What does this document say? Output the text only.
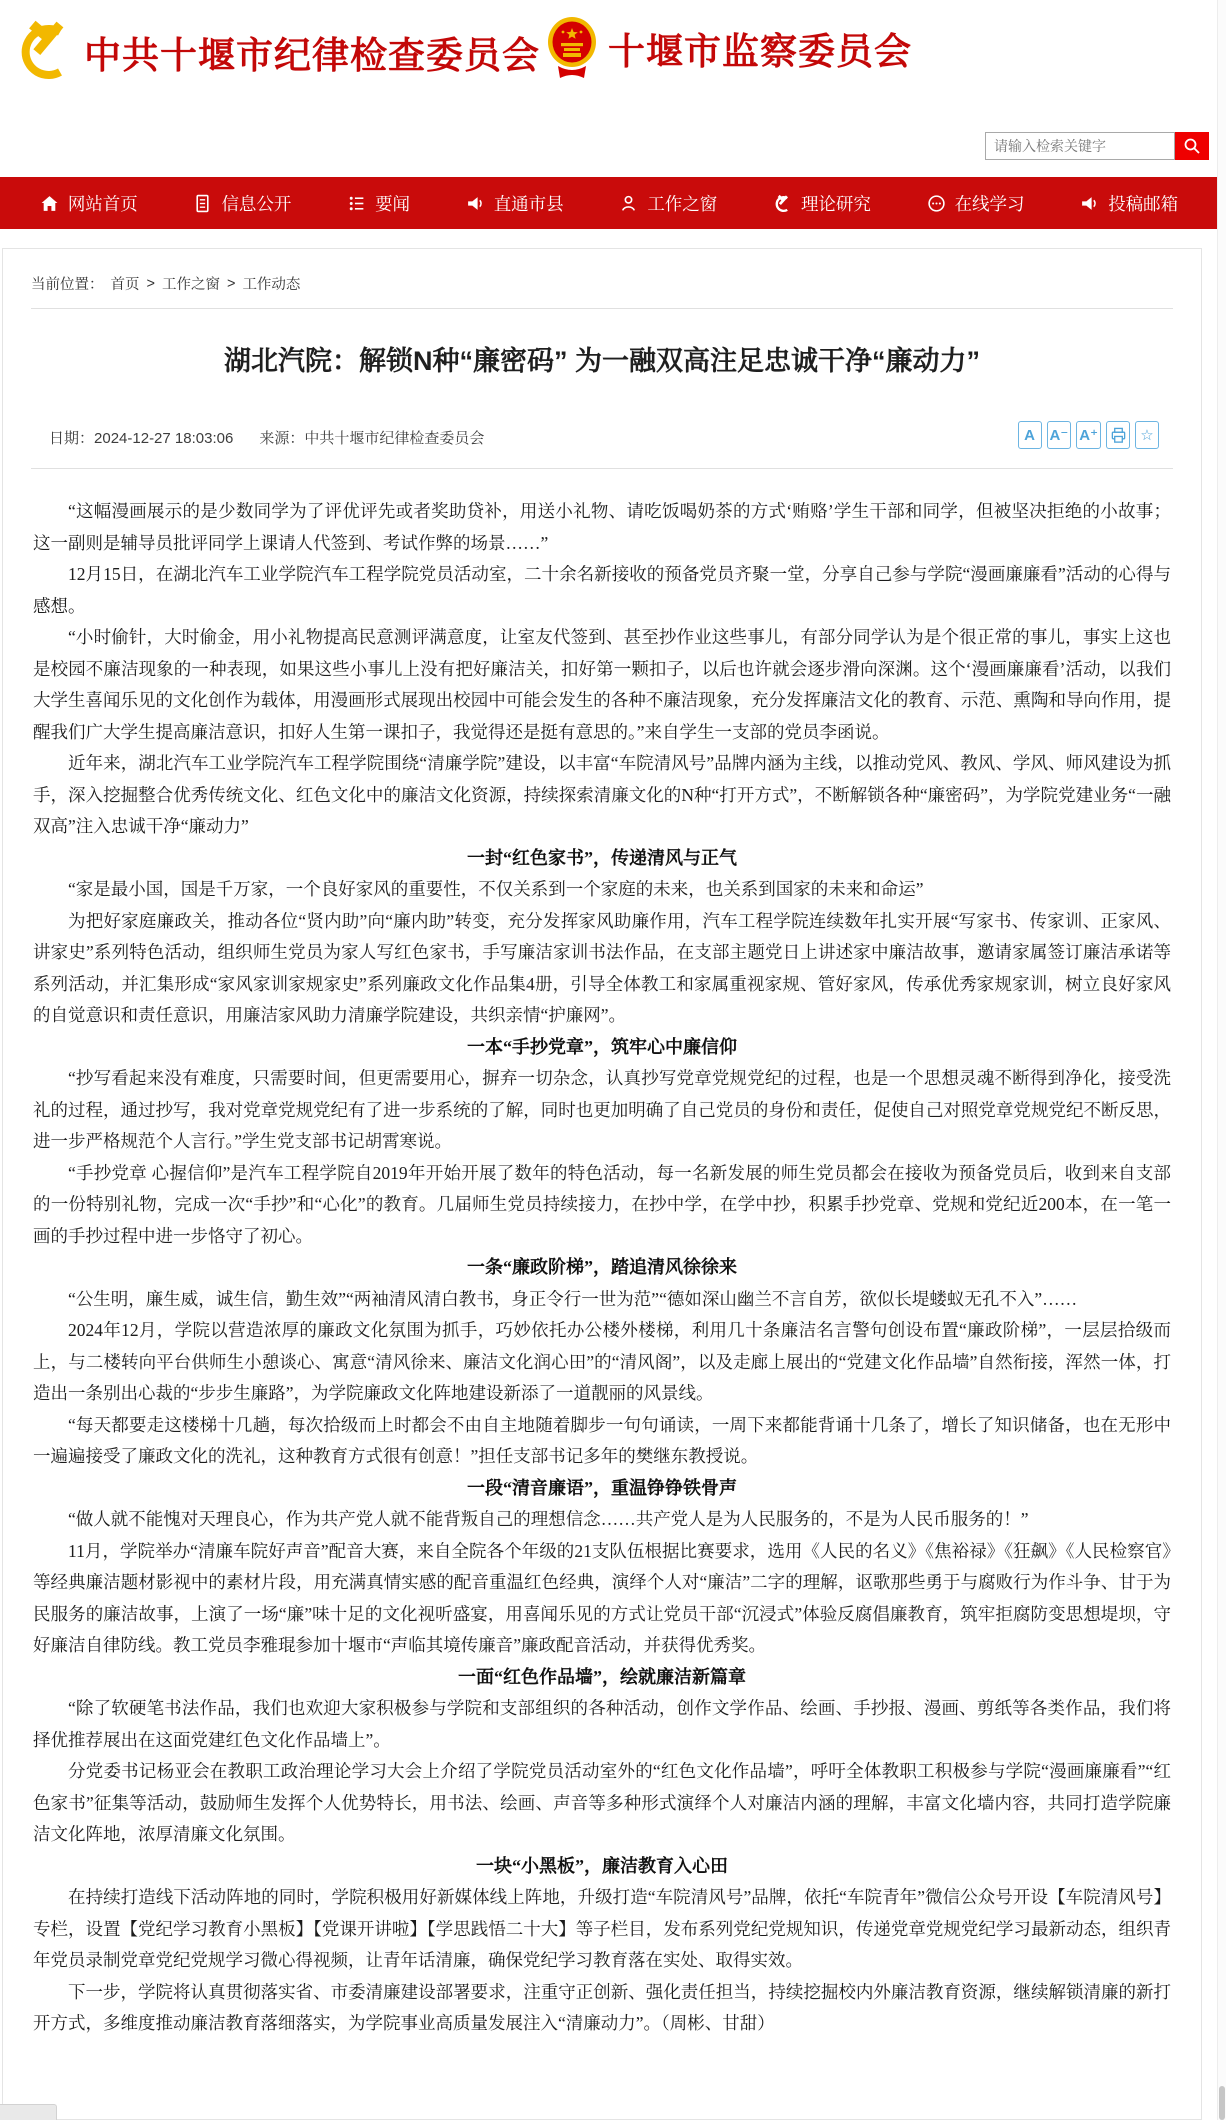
中共十堰市纪律检查委员会 十堰市监察委员会
请输入检索关键字
网站首页	信息公开	要闻	直通市县	工作之窗	理论研究	在线学习	投稿邮箱
当前位置： 首页 > 工作之窗 > 工作动态
湖北汽院：解锁N种“廉密码” 为一融双高注足忠诚干净“廉动力”
日期：2024-12-27 18:03:06 来源：中共十堰市纪律检查委员会	A A⁻ A⁺	☆

“这幅漫画展示的是少数同学为了评优评先或者奖助贷补，用送小礼物、请吃饭喝奶茶的方式‘贿赂’学生干部和同学，但被坚决拒绝的小故事；这一副则是辅导员批评同学上课请人代签到、考试作弊的场景……”

12月15日，在湖北汽车工业学院汽车工程学院党员活动室，二十余名新接收的预备党员齐聚一堂，分享自己参与学院“漫画廉廉看”活动的心得与感想。

“小时偷针，大时偷金，用小礼物提高民意测评满意度，让室友代签到、甚至抄作业这些事儿，有部分同学认为是个很正常的事儿，事实上这也是校园不廉洁现象的一种表现，如果这些小事儿上没有把好廉洁关，扣好第一颗扣子，以后也许就会逐步滑向深渊。这个‘漫画廉廉看’活动，以我们大学生喜闻乐见的文化创作为载体，用漫画形式展现出校园中可能会发生的各种不廉洁现象，充分发挥廉洁文化的教育、示范、熏陶和导向作用，提醒我们广大学生提高廉洁意识，扣好人生第一课扣子，我觉得还是挺有意思的。”来自学生一支部的党员李函说。

近年来，湖北汽车工业学院汽车工程学院围绕“清廉学院”建设，以丰富“车院清风号”品牌内涵为主线，以推动党风、教风、学风、师风建设为抓手，深入挖掘整合优秀传统文化、红色文化中的廉洁文化资源，持续探索清廉文化的N种“打开方式”，不断解锁各种“廉密码”，为学院党建业务“一融双高”注入忠诚干净“廉动力”

一封“红色家书”，传递清风与正气

“家是最小国，国是千万家，一个良好家风的重要性，不仅关系到一个家庭的未来，也关系到国家的未来和命运”

为把好家庭廉政关，推动各位“贤内助”向“廉内助”转变，充分发挥家风助廉作用，汽车工程学院连续数年扎实开展“写家书、传家训、正家风、讲家史”系列特色活动，组织师生党员为家人写红色家书，手写廉洁家训书法作品，在支部主题党日上讲述家中廉洁故事，邀请家属签订廉洁承诺等系列活动，并汇集形成“家风家训家规家史”系列廉政文化作品集4册，引导全体教工和家属重视家规、管好家风，传承优秀家规家训，树立良好家风的自觉意识和责任意识，用廉洁家风助力清廉学院建设，共织亲情“护廉网”。

一本“手抄党章”，筑牢心中廉信仰

“抄写看起来没有难度，只需要时间，但更需要用心，摒弃一切杂念，认真抄写党章党规党纪的过程，也是一个思想灵魂不断得到净化，接受洗礼的过程，通过抄写，我对党章党规党纪有了进一步系统的了解，同时也更加明确了自己党员的身份和责任，促使自己对照党章党规党纪不断反思，进一步严格规范个人言行。”学生党支部书记胡霄寒说。

“手抄党章 心握信仰”是汽车工程学院自2019年开始开展了数年的特色活动，每一名新发展的师生党员都会在接收为预备党员后，收到来自支部的一份特别礼物，完成一次“手抄”和“心化”的教育。几届师生党员持续接力，在抄中学，在学中抄，积累手抄党章、党规和党纪近200本，在一笔一画的手抄过程中进一步恪守了初心。

一条“廉政阶梯”，踏追清风徐徐来

“公生明，廉生威，诚生信，勤生效”“两袖清风清白教书，身正令行一世为范”“德如深山幽兰不言自芳，欲似长堤蝼蚁无孔不入”……

2024年12月，学院以营造浓厚的廉政文化氛围为抓手，巧妙依托办公楼外楼梯，利用几十条廉洁名言警句创设布置“廉政阶梯”，一层层拾级而上，与二楼转向平台供师生小憩谈心、寓意“清风徐来、廉洁文化润心田”的“清风阁”，以及走廊上展出的“党建文化作品墙”自然衔接，浑然一体，打造出一条别出心裁的“步步生廉路”，为学院廉政文化阵地建设新添了一道靓丽的风景线。

“每天都要走这楼梯十几趟，每次拾级而上时都会不由自主地随着脚步一句句诵读，一周下来都能背诵十几条了，增长了知识储备，也在无形中一遍遍接受了廉政文化的洗礼，这种教育方式很有创意！”担任支部书记多年的樊继东教授说。

一段“清音廉语”，重温铮铮铁骨声

“做人就不能愧对天理良心，作为共产党人就不能背叛自己的理想信念……共产党人是为人民服务的，不是为人民币服务的！”

11月，学院举办“清廉车院好声音”配音大赛，来自全院各个年级的21支队伍根据比赛要求，选用《人民的名义》《焦裕禄》《狂飙》《人民检察官》等经典廉洁题材影视中的素材片段，用充满真情实感的配音重温红色经典，演绎个人对“廉洁”二字的理解，讴歌那些勇于与腐败行为作斗争、甘于为民服务的廉洁故事，上演了一场“廉”味十足的文化视听盛宴，用喜闻乐见的方式让党员干部“沉浸式”体验反腐倡廉教育，筑牢拒腐防变思想堤坝，守好廉洁自律防线。教工党员李雅琨参加十堰市“声临其境传廉音”廉政配音活动，并获得优秀奖。

一面“红色作品墙”，绘就廉洁新篇章

“除了软硬笔书法作品，我们也欢迎大家积极参与学院和支部组织的各种活动，创作文学作品、绘画、手抄报、漫画、剪纸等各类作品，我们将择优推荐展出在这面党建红色文化作品墙上”。

分党委书记杨亚会在教职工政治理论学习大会上介绍了学院党员活动室外的“红色文化作品墙”，呼吁全体教职工积极参与学院“漫画廉廉看”“红色家书”征集等活动，鼓励师生发挥个人优势特长，用书法、绘画、声音等多种形式演绎个人对廉洁内涵的理解，丰富文化墙内容，共同打造学院廉洁文化阵地，浓厚清廉文化氛围。

一块“小黑板”，廉洁教育入心田

在持续打造线下活动阵地的同时，学院积极用好新媒体线上阵地，升级打造“车院清风号”品牌，依托“车院青年”微信公众号开设【车院清风号】专栏，设置【党纪学习教育小黑板】【党课开讲啦】【学思践悟二十大】等子栏目，发布系列党纪党规知识，传递党章党规党纪学习最新动态，组织青年党员录制党章党纪党规学习微心得视频，让青年话清廉，确保党纪学习教育落在实处、取得实效。

下一步，学院将认真贯彻落实省、市委清廉建设部署要求，注重守正创新、强化责任担当，持续挖掘校内外廉洁教育资源，继续解锁清廉的新打开方式，多维度推动廉洁教育落细落实，为学院事业高质量发展注入“清廉动力”。（周彬、甘甜）
